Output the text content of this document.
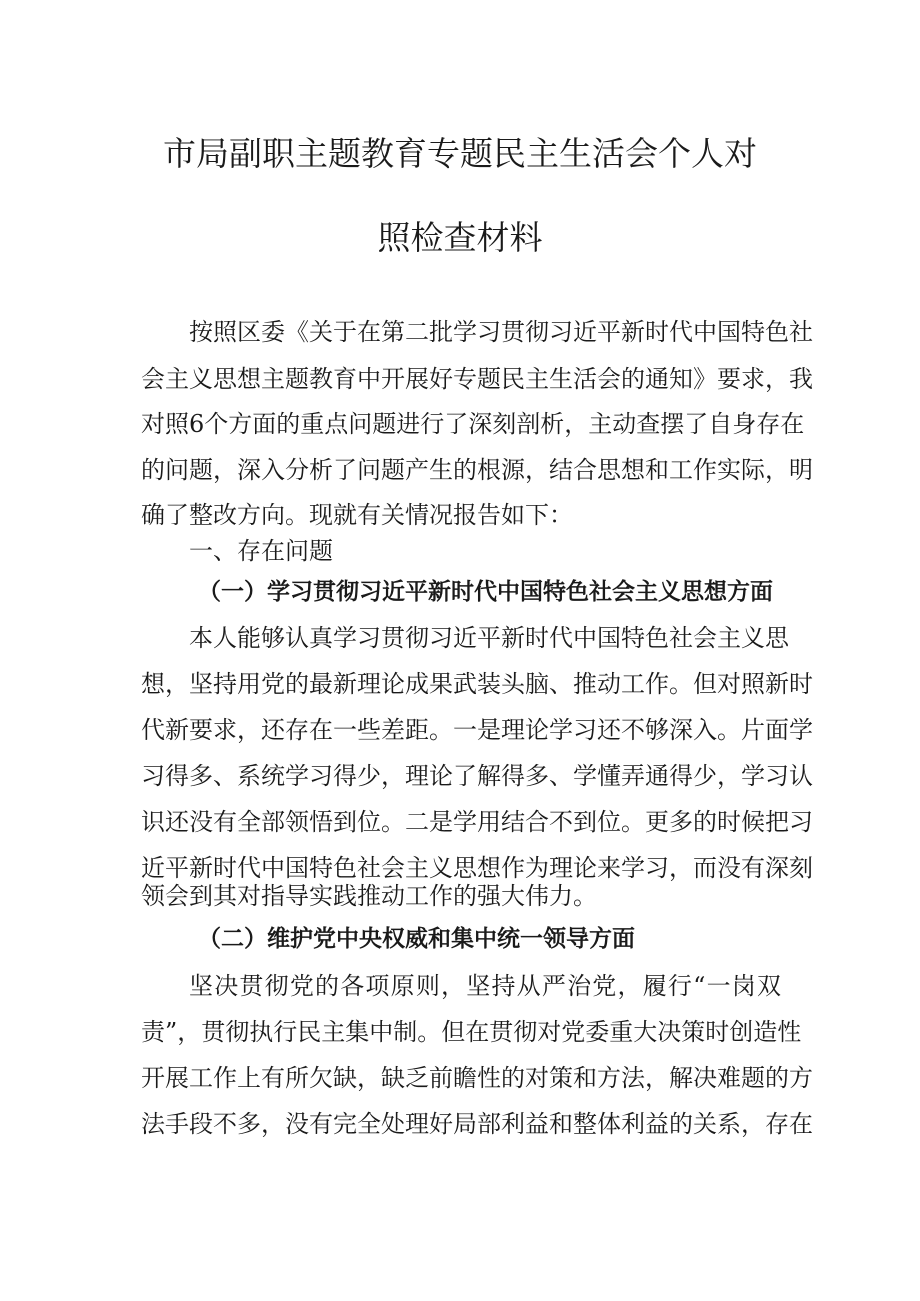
市局副职主题教育专题民主生活会个人对
照检查材料
按照区委《关于在第二批学习贯彻习近平新时代中国特色社
会主义思想主题教育中开展好专题民主生活会的通知》要求，我
对照6个方面的重点问题进行了深刻剖析，主动查摆了自身存在
的问题，深入分析了问题产生的根源，结合思想和工作实际，明
确了整改方向。现就有关情况报告如下：
一、存在问题
（一）学习贯彻习近平新时代中国特色社会主义思想方面
本人能够认真学习贯彻习近平新时代中国特色社会主义思
想，坚持用党的最新理论成果武装头脑、推动工作。但对照新时
代新要求，还存在一些差距。一是理论学习还不够深入。片面学
习得多、系统学习得少，理论了解得多、学懂弄通得少，学习认
识还没有全部领悟到位。二是学用结合不到位。更多的时候把习
近平新时代中国特色社会主义思想作为理论来学习，而没有深刻
领会到其对指导实践推动工作的强大伟力。
（二）维护党中央权威和集中统一领导方面
坚决贯彻党的各项原则，坚持从严治党，履行“一岗双
责”，贯彻执行民主集中制。但在贯彻对党委重大决策时创造性
开展工作上有所欠缺，缺乏前瞻性的对策和方法，解决难题的方
法手段不多，没有完全处理好局部利益和整体利益的关系，存在
